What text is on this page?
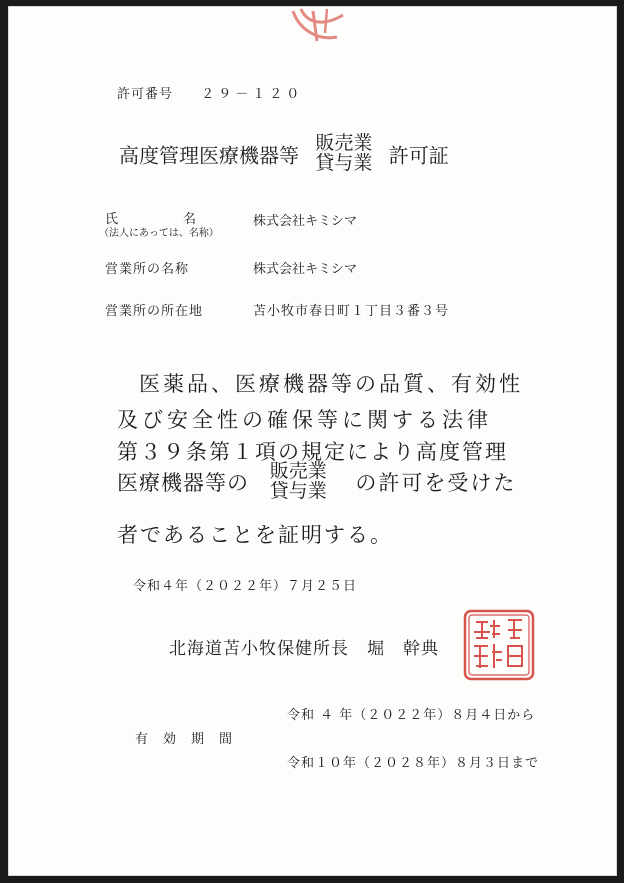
許可番号 ２９－１２０
高度管理医療機器等 販売業
貸与業 許可証
氏　　　　　名
（法人にあっては、名称）
株式会社キミシマ
営業所の名称	株式会社キミシマ
営業所の所在地	苫小牧市春日町１丁目３番３号
医薬品、医療機器等の品質、有効性
及び安全性の確保等に関する法律
第３９条第１項の規定により高度管理
医療機器等の 販売業
貸与業 の許可を受けた
者であることを証明する。
令和４年（２０２２年）７月２５日
北海道苫小牧保健所長　堀　幹典
令和 ４ 年（２０２２年）８月４日から
有　効　期　間
令和１０年（２０２８年）８月３日まで
